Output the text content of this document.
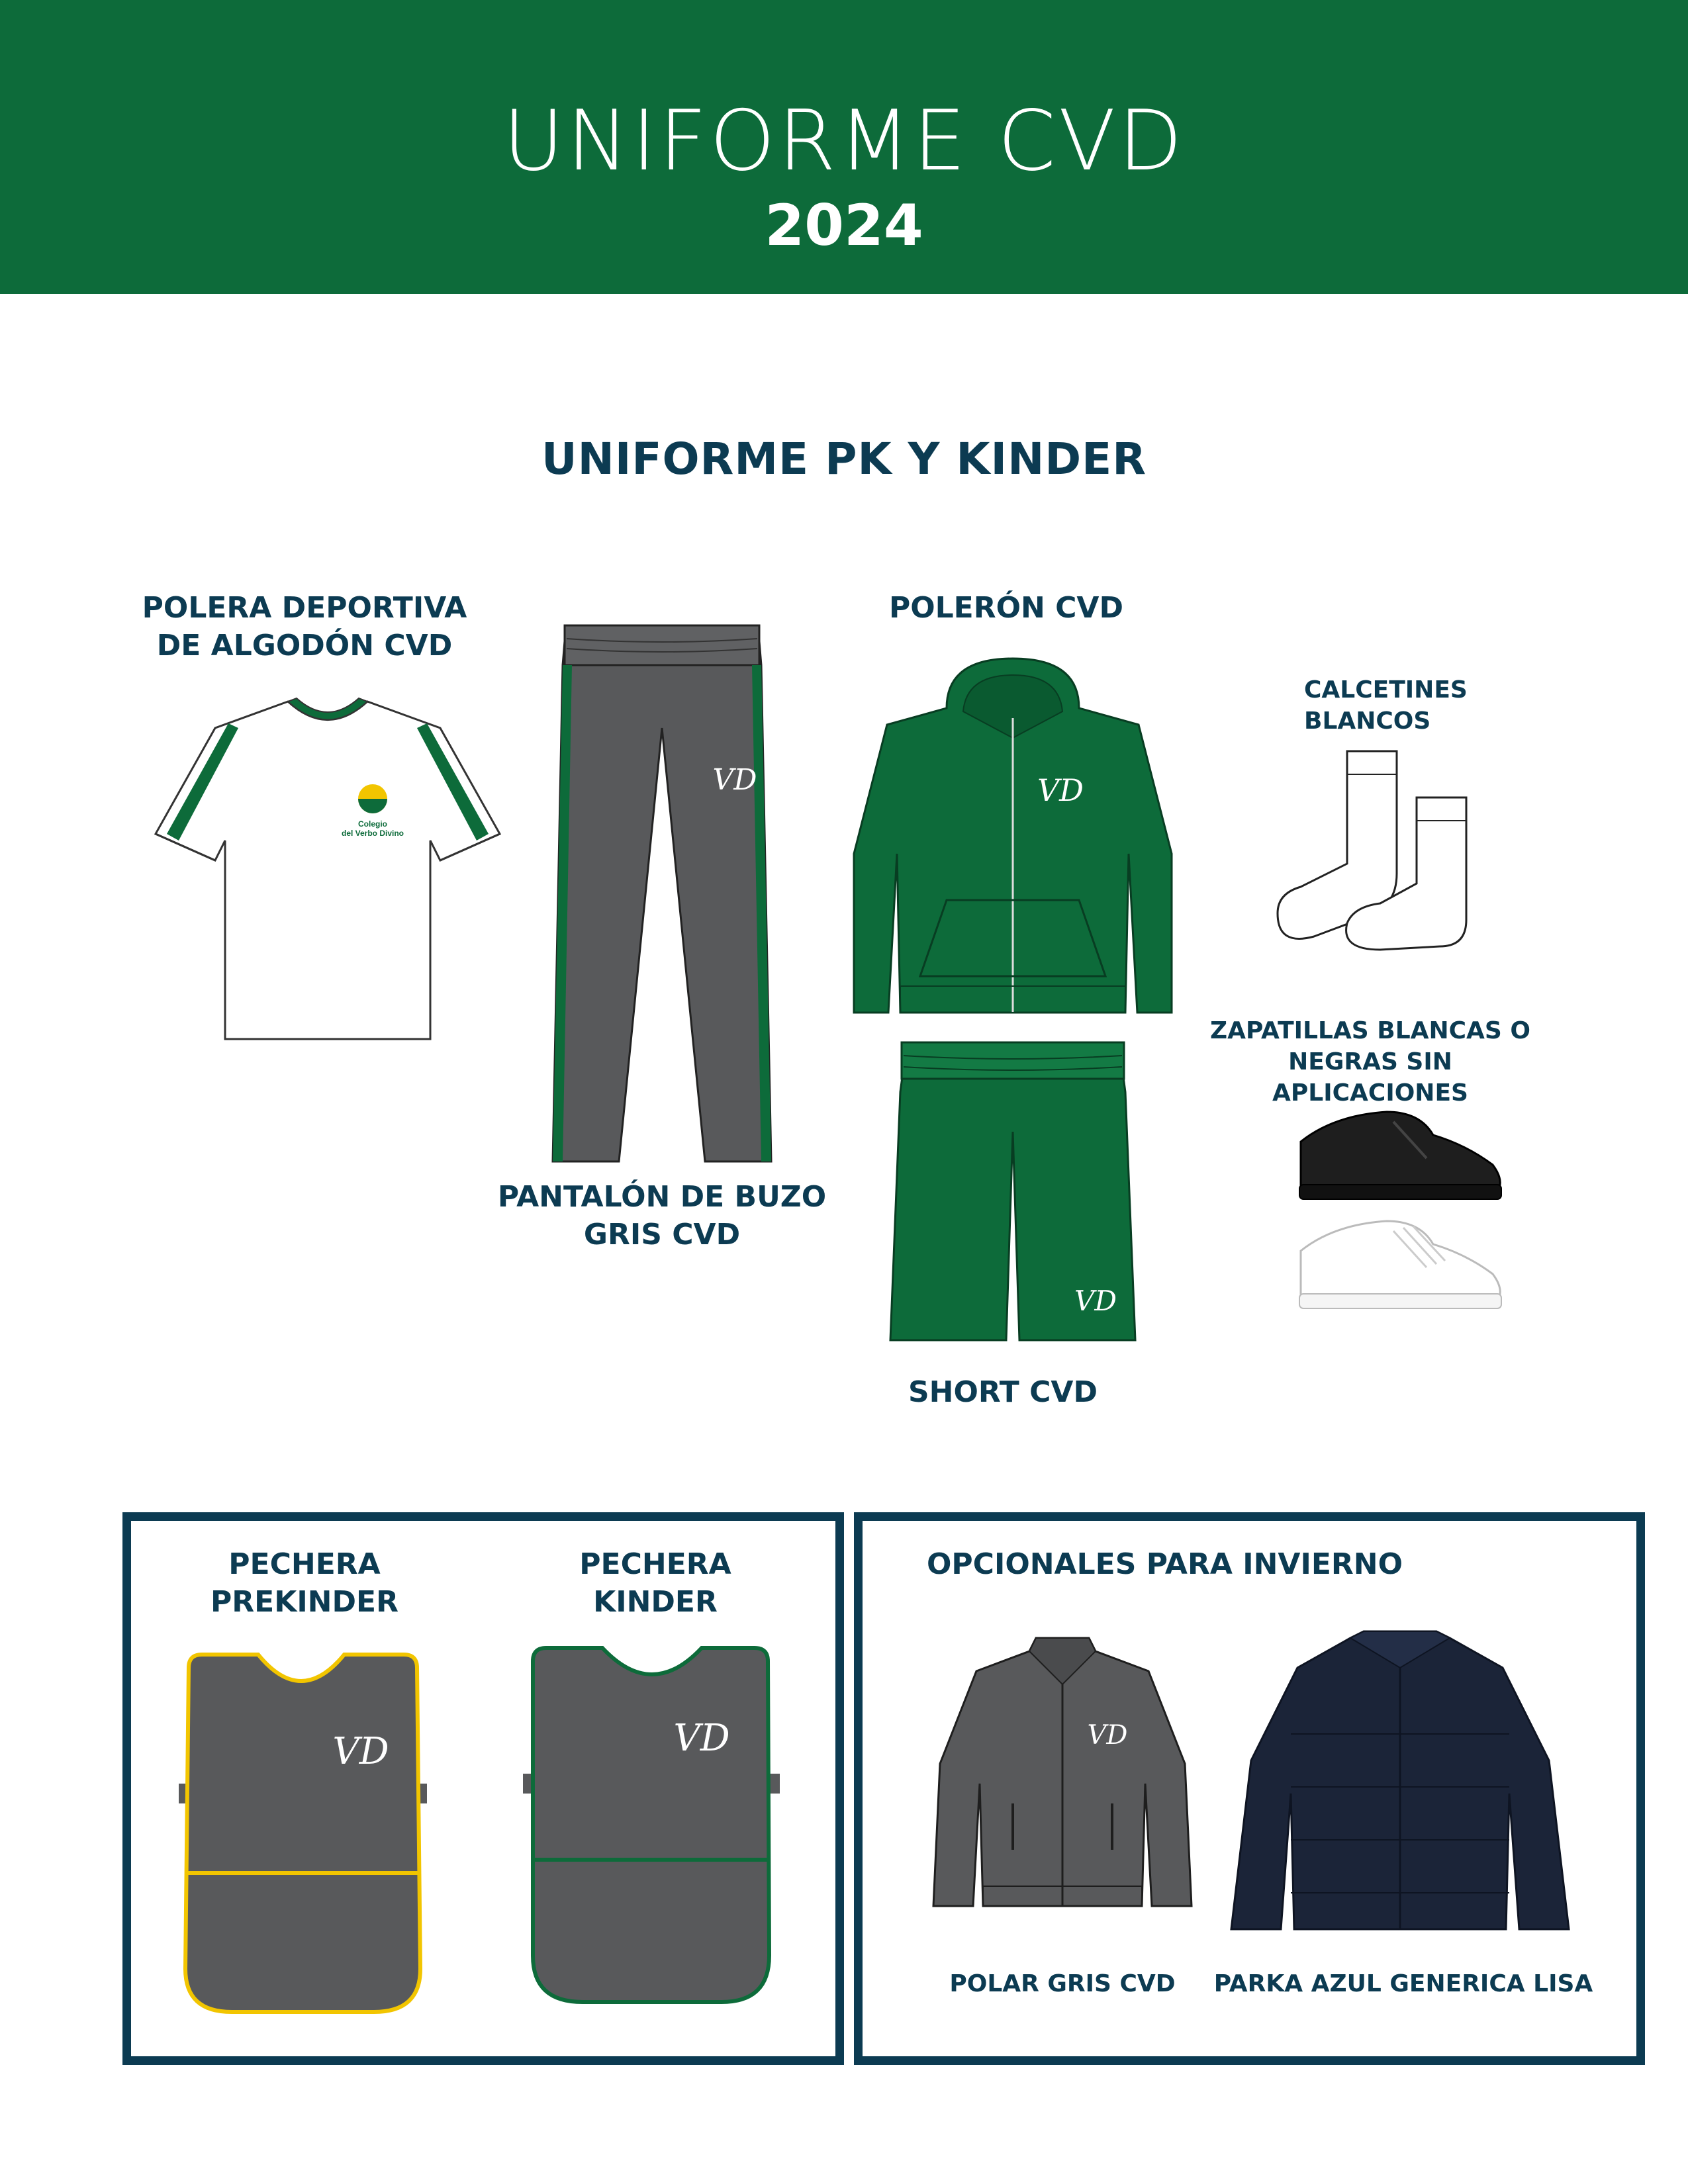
UNIFORME CVD
2024
UNIFORME PK Y KINDER
POLERA DEPORTIVA
DE ALGODÓN CVD
Colegio
del Verbo Divino
VD
PANTALÓN DE BUZO
GRIS CVD
POLERÓN CVD
VD
VD
SHORT CVD
CALCETINES
BLANCOS
ZAPATILLAS BLANCAS O
NEGRAS SIN APLICACIONES
PECHERA
PREKINDER
PECHERA
KINDER
VD	VD
OPCIONALES PARA INVIERNO
VD
POLAR GRIS CVD	PARKA AZUL GENERICA LISA
